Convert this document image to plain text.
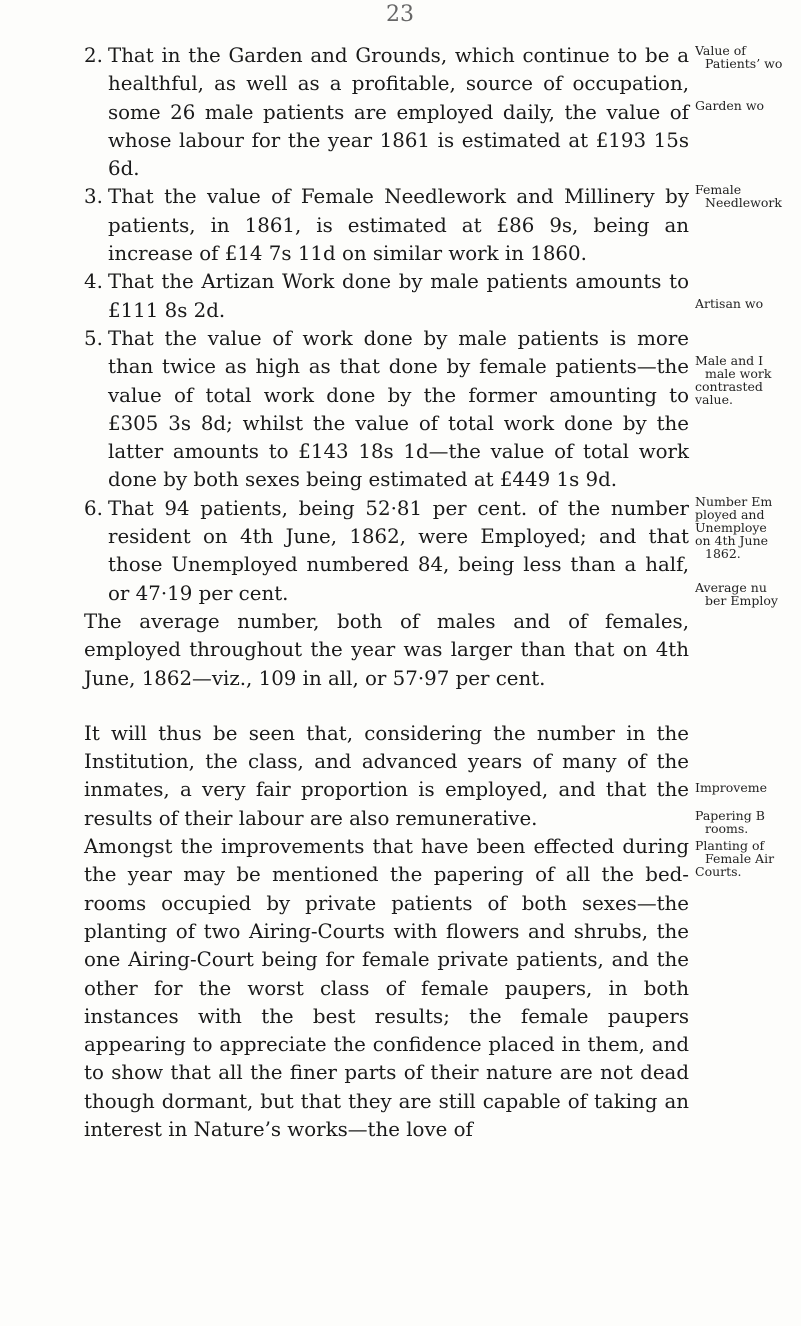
23
2. That in the Garden and Grounds, which continue to be a healthful, as well as a profitable, source of occupation, some 26 male patients are employed daily, the value of whose labour for the year 1861 is estimated at £193 15s 6d.
3. That the value of Female Needlework and Millinery by patients, in 1861, is estimated at £86 9s, being an increase of £14 7s 11d on similar work in 1860.
4. That the Artizan Work done by male patients amounts to £111 8s 2d.
5. That the value of work done by male patients is more than twice as high as that done by female patients—the value of total work done by the former amounting to £305 3s 8d; whilst the value of total work done by the latter amounts to £143 18s 1d—the value of total work done by both sexes being estimated at £449 1s 9d.
6. That 94 patients, being 52·81 per cent. of the number resident on 4th June, 1862, were Employed; and that those Unemployed numbered 84, being less than a half, or 47·19 per cent.

The average number, both of males and of females, employed throughout the year was larger than that on 4th June, 1862—viz., 109 in all, or 57·97 per cent.

It will thus be seen that, considering the number in the Institution, the class, and advanced years of many of the inmates, a very fair proportion is employed, and that the results of their labour are also remunerative.

Amongst the improvements that have been effected during the year may be mentioned the papering of all the bed-rooms occupied by private patients of both sexes—the planting of two Airing-Courts with flowers and shrubs, the one Airing-Court being for female private patients, and the other for the worst class of female paupers, in both instances with the best results; the female paupers appearing to appreciate the confidence placed in them, and to show that all the finer parts of their nature are not dead though dormant, but that they are still capable of taking an interest in Nature’s works—the love of

Value of
Patients’ wo
Garden wo
Female
Needlework
Artisan wo
Male and I
male work
contrasted
value.
Number Em
ployed and
Unemploye
on 4th June
1862.
Average nu
ber Employ
Improveme
Papering B
rooms.
Planting of
Female Air
Courts.
